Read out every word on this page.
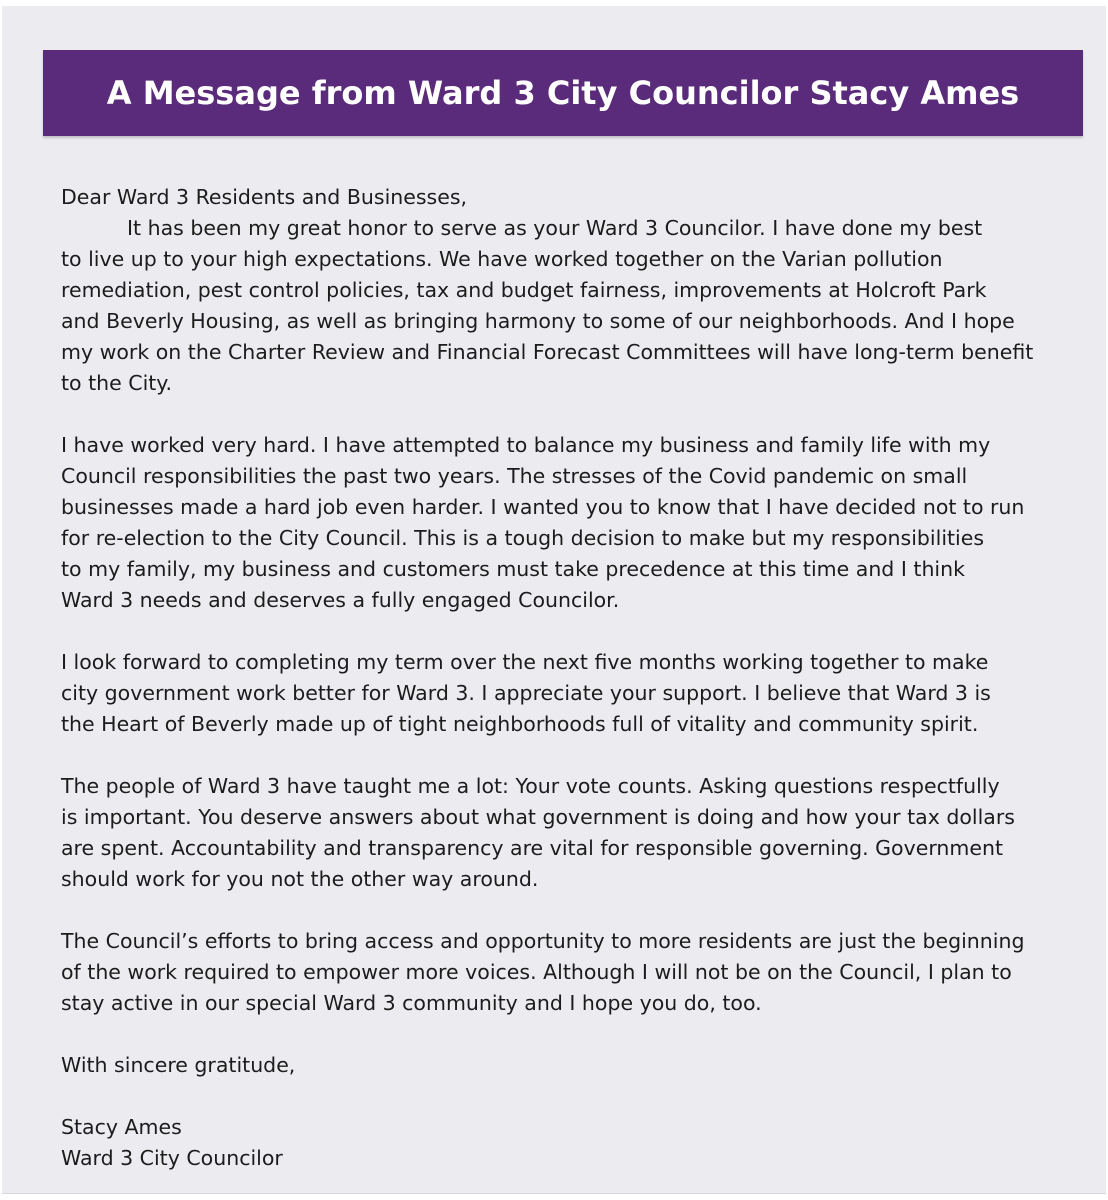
A Message from Ward 3 City Councilor Stacy Ames
Dear Ward 3 Residents and Businesses,
It has been my great honor to serve as your Ward 3 Councilor. I have done my best
to live up to your high expectations. We have worked together on the Varian pollution
remediation, pest control policies, tax and budget fairness, improvements at Holcroft Park
and Beverly Housing, as well as bringing harmony to some of our neighborhoods. And I hope
my work on the Charter Review and Financial Forecast Committees will have long-term benefit
to the City.
I have worked very hard. I have attempted to balance my business and family life with my
Council responsibilities the past two years. The stresses of the Covid pandemic on small
businesses made a hard job even harder. I wanted you to know that I have decided not to run
for re-election to the City Council. This is a tough decision to make but my responsibilities
to my family, my business and customers must take precedence at this time and I think
Ward 3 needs and deserves a fully engaged Councilor.
I look forward to completing my term over the next five months working together to make
city government work better for Ward 3. I appreciate your support. I believe that Ward 3 is
the Heart of Beverly made up of tight neighborhoods full of vitality and community spirit.
The people of Ward 3 have taught me a lot: Your vote counts. Asking questions respectfully
is important. You deserve answers about what government is doing and how your tax dollars
are spent. Accountability and transparency are vital for responsible governing. Government
should work for you not the other way around.
The Council’s efforts to bring access and opportunity to more residents are just the beginning
of the work required to empower more voices. Although I will not be on the Council, I plan to
stay active in our special Ward 3 community and I hope you do, too.
With sincere gratitude,
Stacy Ames
Ward 3 City Councilor
